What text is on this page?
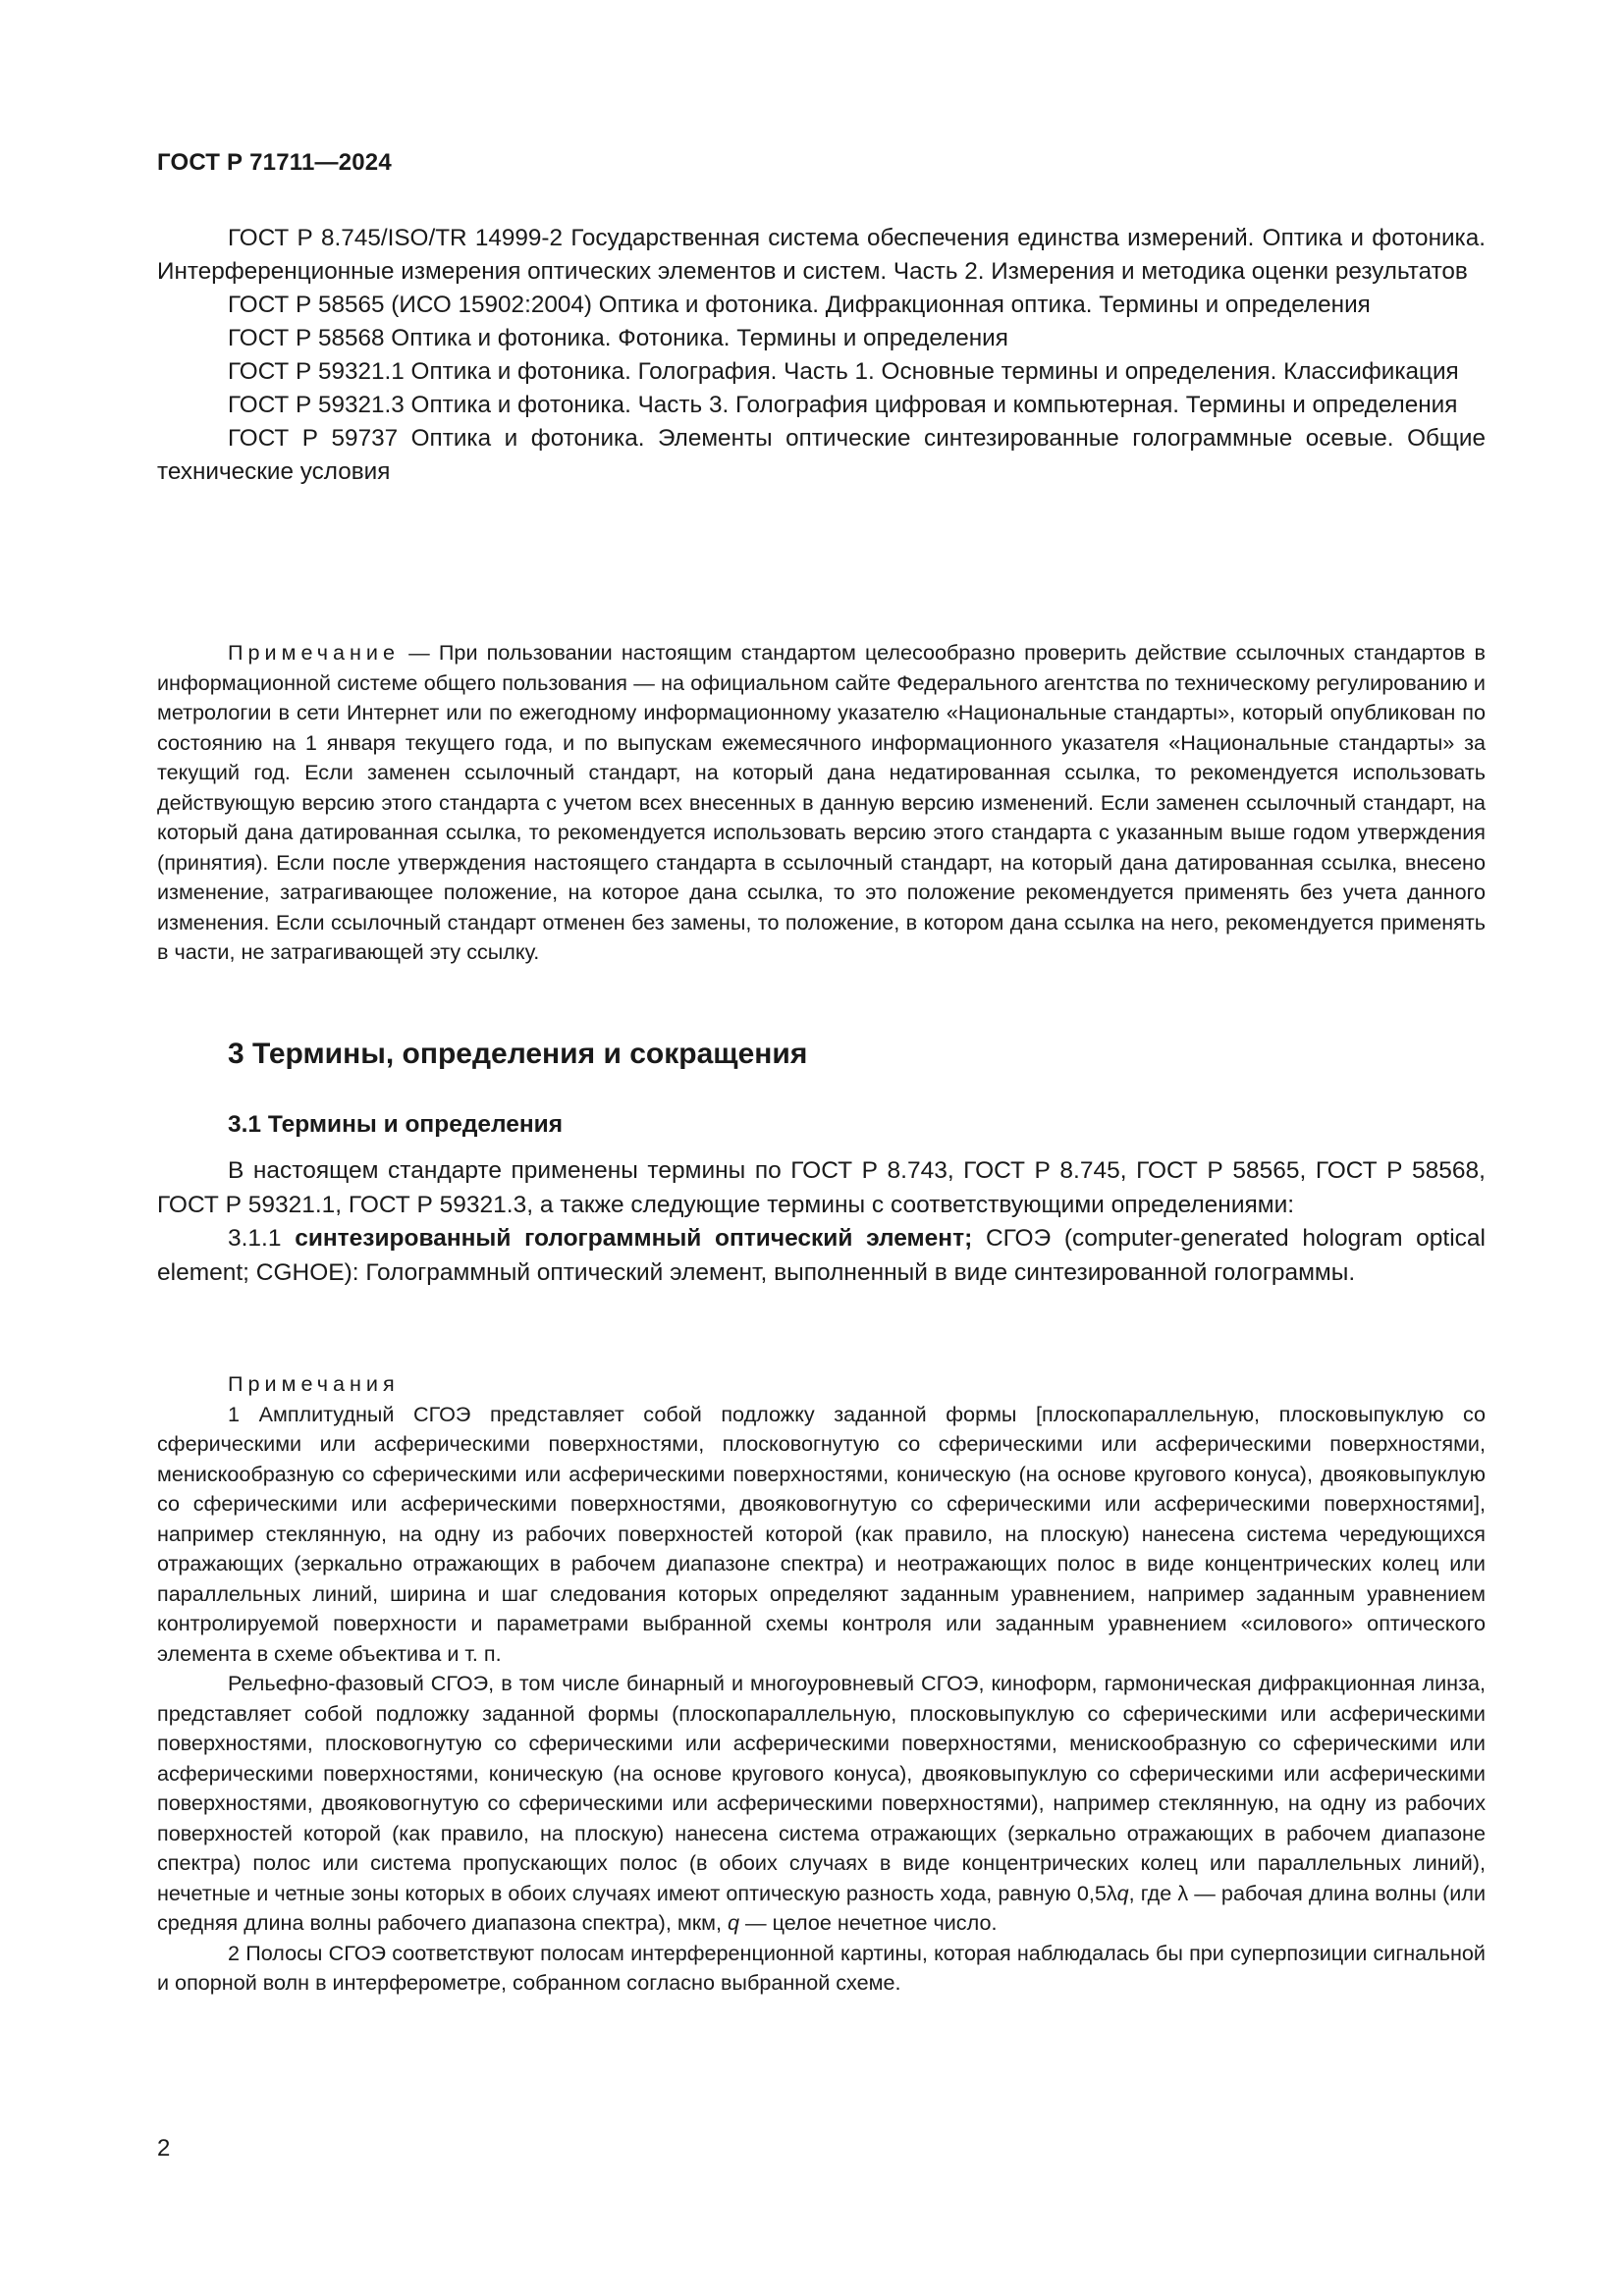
ГОСТ Р 71711—2024

ГОСТ Р 8.745/ISO/TR 14999-2 Государственная система обеспечения единства измерений. Оптика и фотоника. Интерференционные измерения оптических элементов и систем. Часть 2. Измерения и методика оценки результатов

ГОСТ Р 58565 (ИСО 15902:2004) Оптика и фотоника. Дифракционная оптика. Термины и определения

ГОСТ Р 58568 Оптика и фотоника. Фотоника. Термины и определения

ГОСТ Р 59321.1 Оптика и фотоника. Голография. Часть 1. Основные термины и определения. Классификация

ГОСТ Р 59321.3 Оптика и фотоника. Часть 3. Голография цифровая и компьютерная. Термины и определения

ГОСТ Р 59737 Оптика и фотоника. Элементы оптические синтезированные голограммные осевые. Общие технические условия

Примечание — При пользовании настоящим стандартом целесообразно проверить действие ссылочных стандартов в информационной системе общего пользования — на официальном сайте Федерального агентства по техническому регулированию и метрологии в сети Интернет или по ежегодному информационному указателю «Национальные стандарты», который опубликован по состоянию на 1 января текущего года, и по выпускам ежемесячного информационного указателя «Национальные стандарты» за текущий год. Если заменен ссылочный стандарт, на который дана недатированная ссылка, то рекомендуется использовать действующую версию этого стандарта с учетом всех внесенных в данную версию изменений. Если заменен ссылочный стандарт, на который дана датированная ссылка, то рекомендуется использовать версию этого стандарта с указанным выше годом утверждения (принятия). Если после утверждения настоящего стандарта в ссылочный стандарт, на который дана датированная ссылка, внесено изменение, затрагивающее положение, на которое дана ссылка, то это положение рекомендуется применять без учета данного изменения. Если ссылочный стандарт отменен без замены, то положение, в котором дана ссылка на него, рекомендуется применять в части, не затрагивающей эту ссылку.

3 Термины, определения и сокращения
3.1 Термины и определения

В настоящем стандарте применены термины по ГОСТ Р 8.743, ГОСТ Р 8.745, ГОСТ Р 58565, ГОСТ Р 58568, ГОСТ Р 59321.1, ГОСТ Р 59321.3, а также следующие термины с соответствующими определениями:

3.1.1 синтезированный голограммный оптический элемент; СГОЭ (computer-generated hologram optical element; CGHOE): Голограммный оптический элемент, выполненный в виде синтезированной голограммы.

Примечания

1 Амплитудный СГОЭ представляет собой подложку заданной формы [плоскопараллельную, плосковыпуклую со сферическими или асферическими поверхностями, плосковогнутую со сферическими или асферическими поверхностями, менискообразную со сферическими или асферическими поверхностями, коническую (на основе кругового конуса), двояковыпуклую со сферическими или асферическими поверхностями, двояковогнутую со сферическими или асферическими поверхностями], например стеклянную, на одну из рабочих поверхностей которой (как правило, на плоскую) нанесена система чередующихся отражающих (зеркально отражающих в рабочем диапазоне спектра) и неотражающих полос в виде концентрических колец или параллельных линий, ширина и шаг следования которых определяют заданным уравнением, например заданным уравнением контролируемой поверхности и параметрами выбранной схемы контроля или заданным уравнением «силового» оптического элемента в схеме объектива и т. п.

Рельефно-фазовый СГОЭ, в том числе бинарный и многоуровневый СГОЭ, киноформ, гармоническая дифракционная линза, представляет собой подложку заданной формы (плоскопараллельную, плосковыпуклую со сферическими или асферическими поверхностями, плосковогнутую со сферическими или асферическими поверхностями, менискообразную со сферическими или асферическими поверхностями, коническую (на основе кругового конуса), двояковыпуклую со сферическими или асферическими поверхностями, двояковогнутую со сферическими или асферическими поверхностями), например стеклянную, на одну из рабочих поверхностей которой (как правило, на плоскую) нанесена система отражающих (зеркально отражающих в рабочем диапазоне спектра) полос или система пропускающих полос (в обоих случаях в виде концентрических колец или параллельных линий), нечетные и четные зоны которых в обоих случаях имеют оптическую разность хода, равную 0,5λq, где λ — рабочая длина волны (или средняя длина волны рабочего диапазона спектра), мкм, q — целое нечетное число.

2 Полосы СГОЭ соответствуют полосам интерференционной картины, которая наблюдалась бы при суперпозиции сигнальной и опорной волн в интерферометре, собранном согласно выбранной схеме.

2
